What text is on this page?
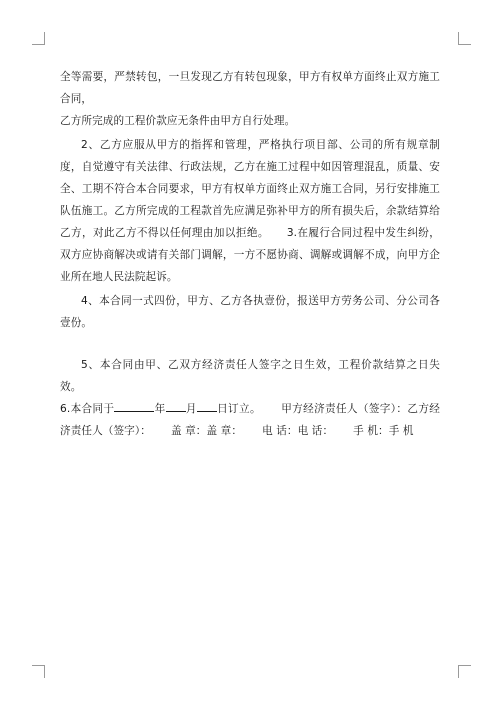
全等需要，严禁转包，一旦发现乙方有转包现象，甲方有权单方面终止双方施工合同，

乙方所完成的工程价款应无条件由甲方自行处理。

2、乙方应服从甲方的指挥和管理，严格执行项目部、公司的所有规章制度，自觉遵守有关法律、行政法规，乙方在施工过程中如因管理混乱，质量、安全、工期不符合本合同要求，甲方有权单方面终止双方施工合同，另行安排施工队伍施工。乙方所完成的工程款首先应满足弥补甲方的所有损失后，余款结算给乙方，对此乙方不得以任何理由加以拒绝。 3.在履行合同过程中发生纠纷，双方应协商解决或请有关部门调解，一方不愿协商、调解或调解不成，向甲方企业所在地人民法院起诉。

4、本合同一式四份，甲方、乙方各执壹份，报送甲方劳务公司、分公司各壹份。

5、本合同由甲、乙双方经济责任人签字之日生效，工程价款结算之日失效。

6.本合同于	年 月 日订立。 甲方经济责任人（签字）：乙方经济责任人（签字）： 盖 章：盖 章： 电 话：电 话： 手 机：手 机
